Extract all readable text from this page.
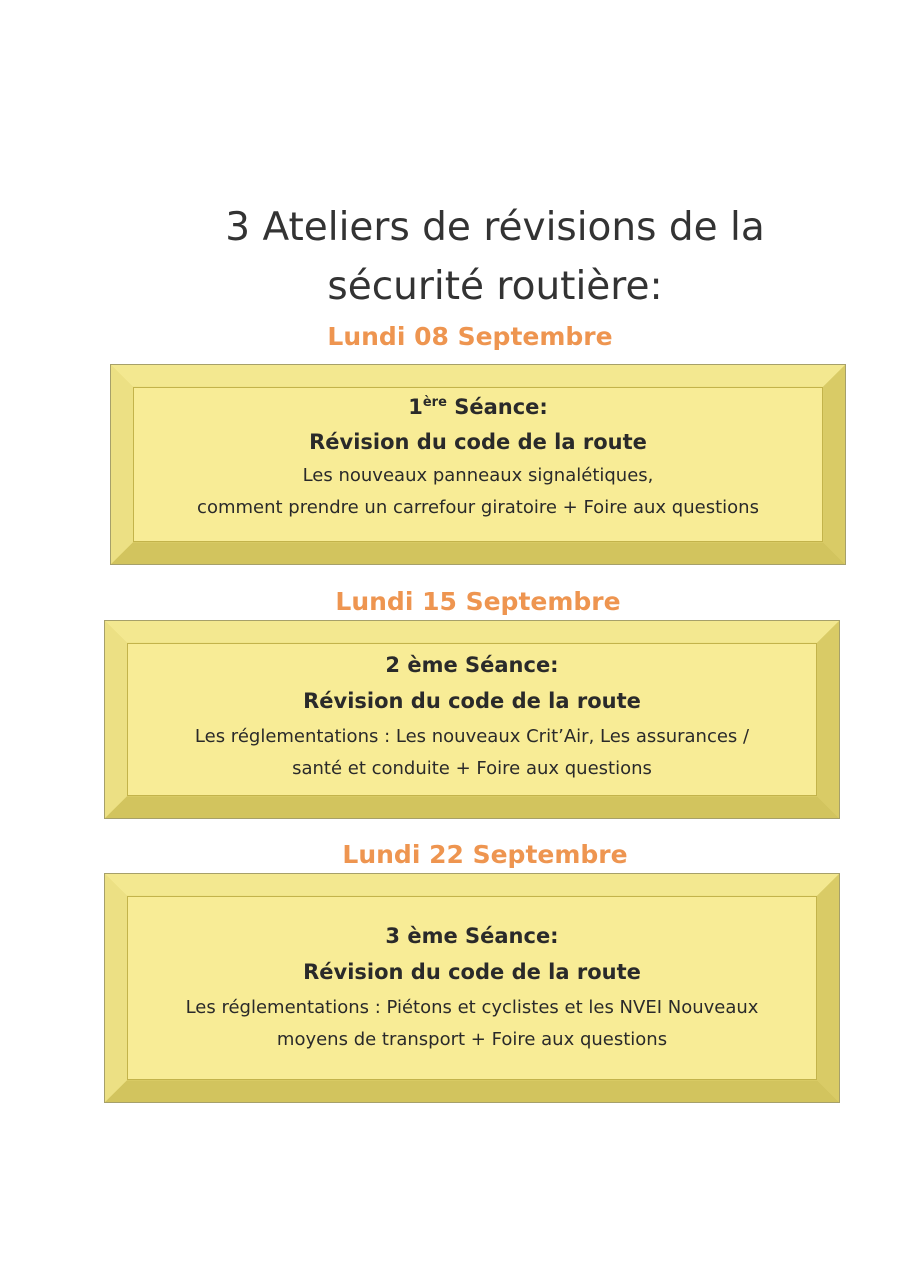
3 Ateliers de révisions de la
sécurité routière:

Lundi 08 Septembre

1ère Séance:

Révision du code de la route

Les nouveaux panneaux signalétiques,

comment prendre un carrefour giratoire + Foire aux questions

Lundi 15 Septembre

2 ème Séance:

Révision du code de la route

Les réglementations : Les nouveaux Crit’Air, Les assurances /

santé et conduite + Foire aux questions

Lundi 22 Septembre

3 ème Séance:

Révision du code de la route

Les réglementations : Piétons et cyclistes et les NVEI Nouveaux

moyens de transport + Foire aux questions
